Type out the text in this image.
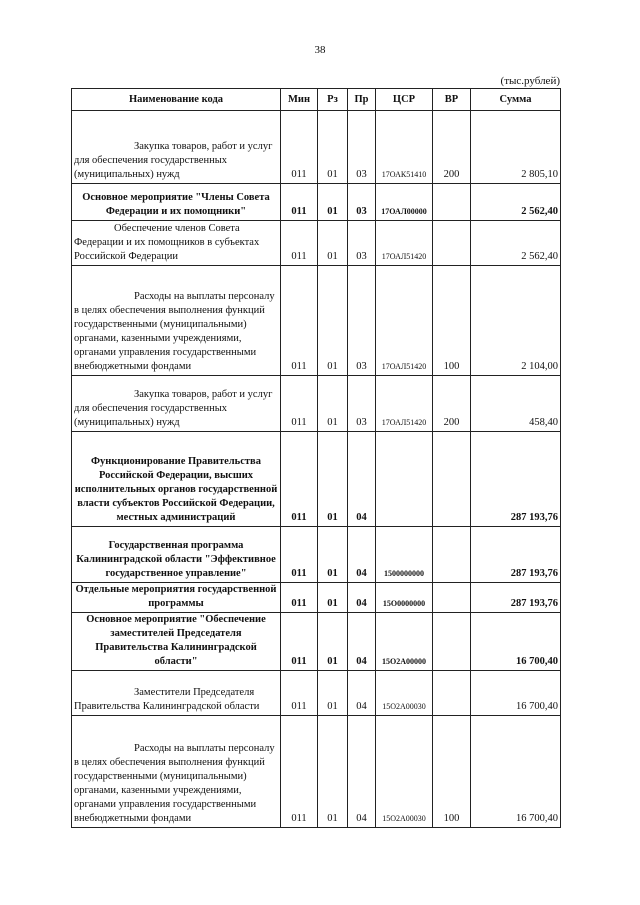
38
(тыс.рублей)
Наименование кода	Мин	Рз	Пр	ЦСР	ВР	Сумма
Закупка товаров, работ и услуг для обеспечения государственных (муниципальных) нужд	011	01	03	17ОАК51410	200	2 805,10
Основное мероприятие "Члены Совета Федерации и их помощники"	011	01	03	17ОАЛ00000		2 562,40
Обеспечение членов Совета Федерации и их помощников в субъектах Российской Федерации	011	01	03	17ОАЛ51420		2 562,40
Расходы на выплаты персоналу в целях обеспечения выполнения функций государственными (муниципальными) органами, казенными учреждениями, органами управления государственными внебюджетными фондами	011	01	03	17ОАЛ51420	100	2 104,00
Закупка товаров, работ и услуг для обеспечения государственных (муниципальных) нужд	011	01	03	17ОАЛ51420	200	458,40
Функционирование Правительства Российской Федерации, высших исполнительных органов государственной власти субъектов Российской Федерации, местных администраций	011	01	04			287 193,76
Государственная программа Калининградской области "Эффективное государственное управление"	011	01	04	1500000000		287 193,76
Отдельные мероприятия государственной программы	011	01	04	15О0000000		287 193,76
Основное мероприятие "Обеспечение заместителей Председателя Правительства Калининградской области"	011	01	04	15О2А00000		16 700,40
Заместители Председателя Правительства Калининградской области	011	01	04	15О2А00030		16 700,40
Расходы на выплаты персоналу в целях обеспечения выполнения функций государственными (муниципальными) органами, казенными учреждениями, органами управления государственными внебюджетными фондами	011	01	04	15О2А00030	100	16 700,40
